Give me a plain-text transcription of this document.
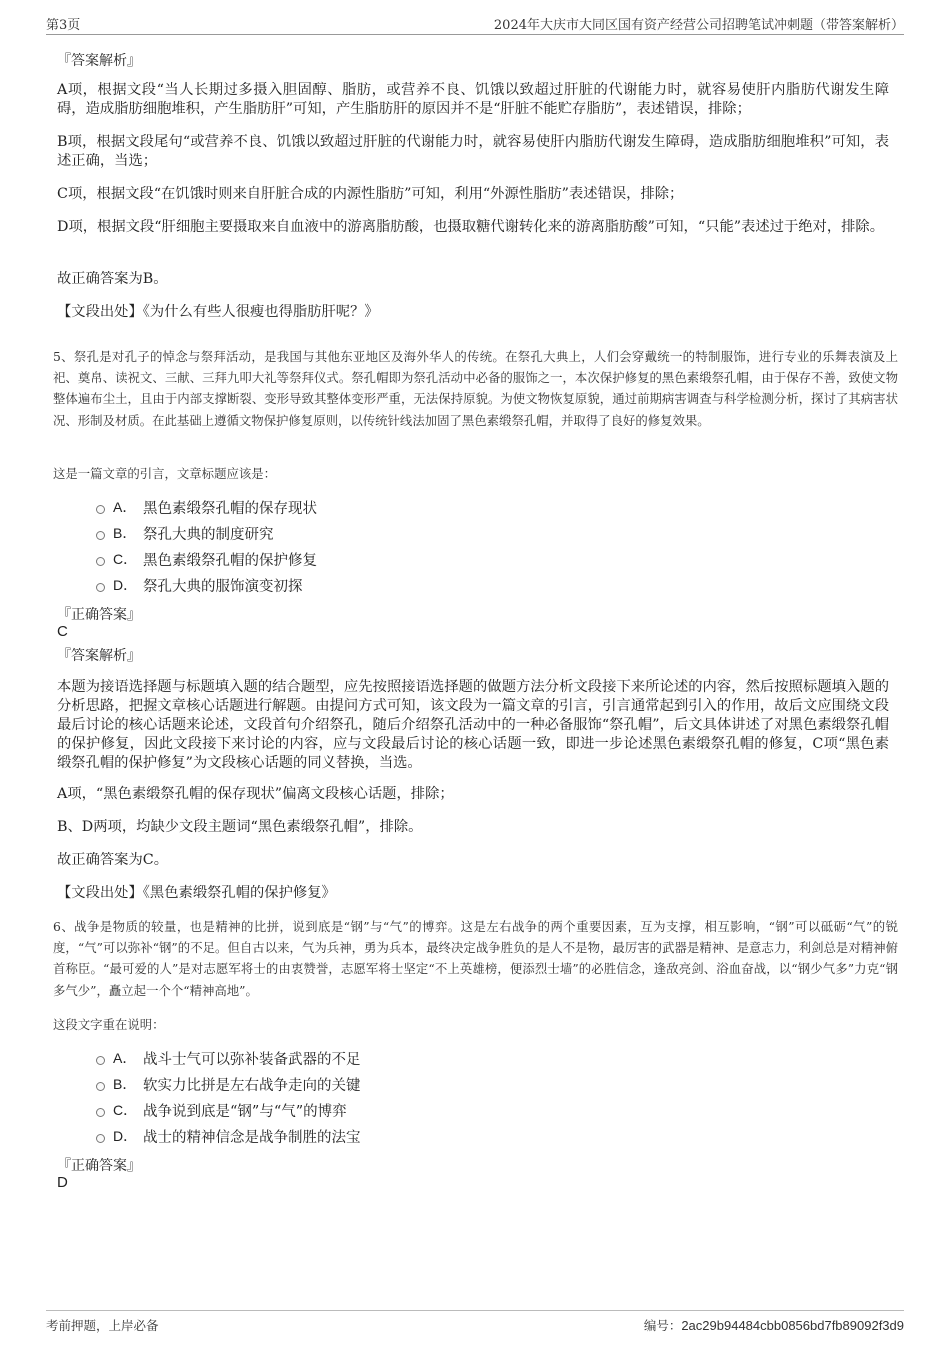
第3页	2024年大庆市大同区国有资产经营公司招聘笔试冲刺题（带答案解析）
『答案解析』
A项，根据文段“当人长期过多摄入胆固醇、脂肪，或营养不良、饥饿以致超过肝脏的代谢能力时，就容易使肝内脂肪代谢发生障碍，造成脂肪细胞堆积，产生脂肪肝”可知，产生脂肪肝的原因并不是“肝脏不能贮存脂肪”，表述错误，排除；
B项，根据文段尾句“或营养不良、饥饿以致超过肝脏的代谢能力时，就容易使肝内脂肪代谢发生障碍，造成脂肪细胞堆积”可知，表述正确，当选；
C项，根据文段“在饥饿时则来自肝脏合成的内源性脂肪”可知，利用“外源性脂肪”表述错误，排除；
D项，根据文段“肝细胞主要摄取来自血液中的游离脂肪酸，也摄取糖代谢转化来的游离脂肪酸”可知，“只能”表述过于绝对，排除。
故正确答案为B。
【文段出处】《为什么有些人很瘦也得脂肪肝呢？》
5、祭孔是对孔子的悼念与祭拜活动，是我国与其他东亚地区及海外华人的传统。在祭孔大典上，人们会穿戴统一的特制服饰，进行专业的乐舞表演及上祀、奠帛、读祝文、三献、三拜九叩大礼等祭拜仪式。祭孔帽即为祭孔活动中必备的服饰之一，本次保护修复的黑色素缎祭孔帽，由于保存不善，致使文物整体遍布尘土，且由于内部支撑断裂、变形导致其整体变形严重，无法保持原貌。为使文物恢复原貌，通过前期病害调查与科学检测分析，探讨了其病害状况、形制及材质。在此基础上遵循文物保护修复原则，以传统针线法加固了黑色素缎祭孔帽，并取得了良好的修复效果。
这是一篇文章的引言，文章标题应该是：
A． 黑色素缎祭孔帽的保存现状
B． 祭孔大典的制度研究
C． 黑色素缎祭孔帽的保护修复
D． 祭孔大典的服饰演变初探
『正确答案』
C
『答案解析』
本题为接语选择题与标题填入题的结合题型，应先按照接语选择题的做题方法分析文段接下来所论述的内容，然后按照标题填入题的分析思路，把握文章核心话题进行解题。由提问方式可知，该文段为一篇文章的引言，引言通常起到引入的作用，故后文应围绕文段最后讨论的核心话题来论述，文段首句介绍祭孔，随后介绍祭孔活动中的一种必备服饰“祭孔帽”，后文具体讲述了对黑色素缎祭孔帽的保护修复，因此文段接下来讨论的内容，应与文段最后讨论的核心话题一致，即进一步论述黑色素缎祭孔帽的修复，C项“黑色素缎祭孔帽的保护修复”为文段核心话题的同义替换，当选。
A项，“黑色素缎祭孔帽的保存现状”偏离文段核心话题，排除；
B、D两项，均缺少文段主题词“黑色素缎祭孔帽”，排除。
故正确答案为C。
【文段出处】《黑色素缎祭孔帽的保护修复》
6、战争是物质的较量，也是精神的比拼，说到底是“钢”与“气”的博弈。这是左右战争的两个重要因素，互为支撑，相互影响，“钢”可以砥砺“气”的锐度，“气”可以弥补“钢”的不足。但自古以来，气为兵神，勇为兵本，最终决定战争胜负的是人不是物，最厉害的武器是精神、是意志力，利剑总是对精神俯首称臣。“最可爱的人”是对志愿军将士的由衷赞誉，志愿军将士坚定“不上英雄榜，便添烈士墙”的必胜信念，逢敌亮剑、浴血奋战，以“钢少气多”力克“钢多气少”，矗立起一个个“精神高地”。
这段文字重在说明：
A． 战斗士气可以弥补装备武器的不足
B． 软实力比拼是左右战争走向的关键
C． 战争说到底是“钢”与“气”的博弈
D． 战士的精神信念是战争制胜的法宝
『正确答案』
D
考前押题，上岸必备	编号：2ac29b94484cbb0856bd7fb89092f3d9
